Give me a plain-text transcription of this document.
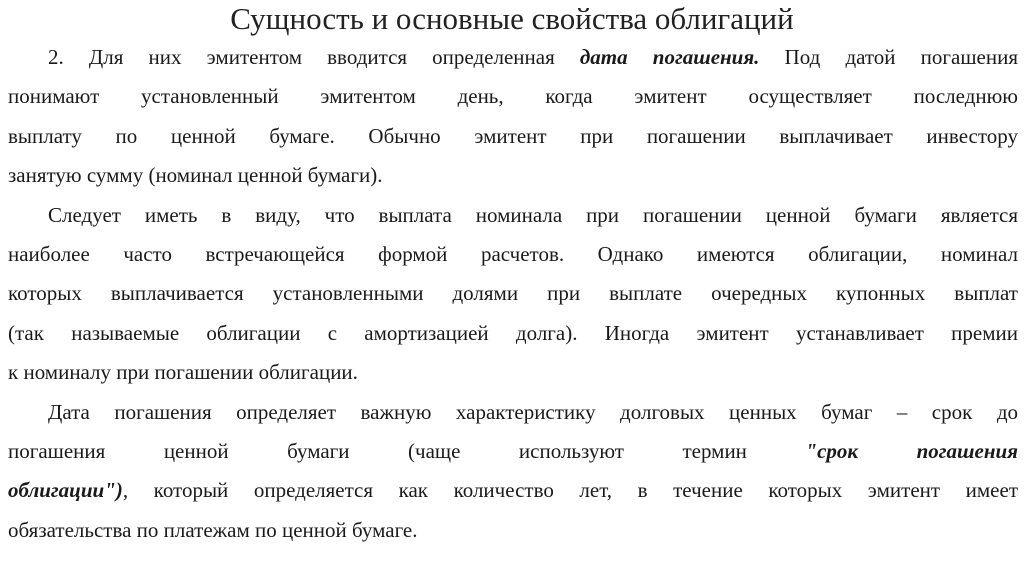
Сущность и основные свойства облигаций
2. Для них эмитентом вводится определенная дата погашения. Под датой погашения
понимают установленный эмитентом день, когда эмитент осуществляет последнюю
выплату по ценной бумаге. Обычно эмитент при погашении выплачивает инвестору
занятую сумму (номинал ценной бумаги).
Следует иметь в виду, что выплата номинала при погашении ценной бумаги является
наиболее часто встречающейся формой расчетов. Однако имеются облигации, номинал
которых выплачивается установленными долями при выплате очередных купонных выплат
(так называемые облигации с амортизацией долга). Иногда эмитент устанавливает премии
к номиналу при погашении облигации.
Дата погашения определяет важную характеристику долговых ценных бумаг – срок до
погашения ценной бумаги (чаще используют термин "срок погашения
облигации"), который определяется как количество лет, в течение которых эмитент имеет
обязательства по платежам по ценной бумаге.
